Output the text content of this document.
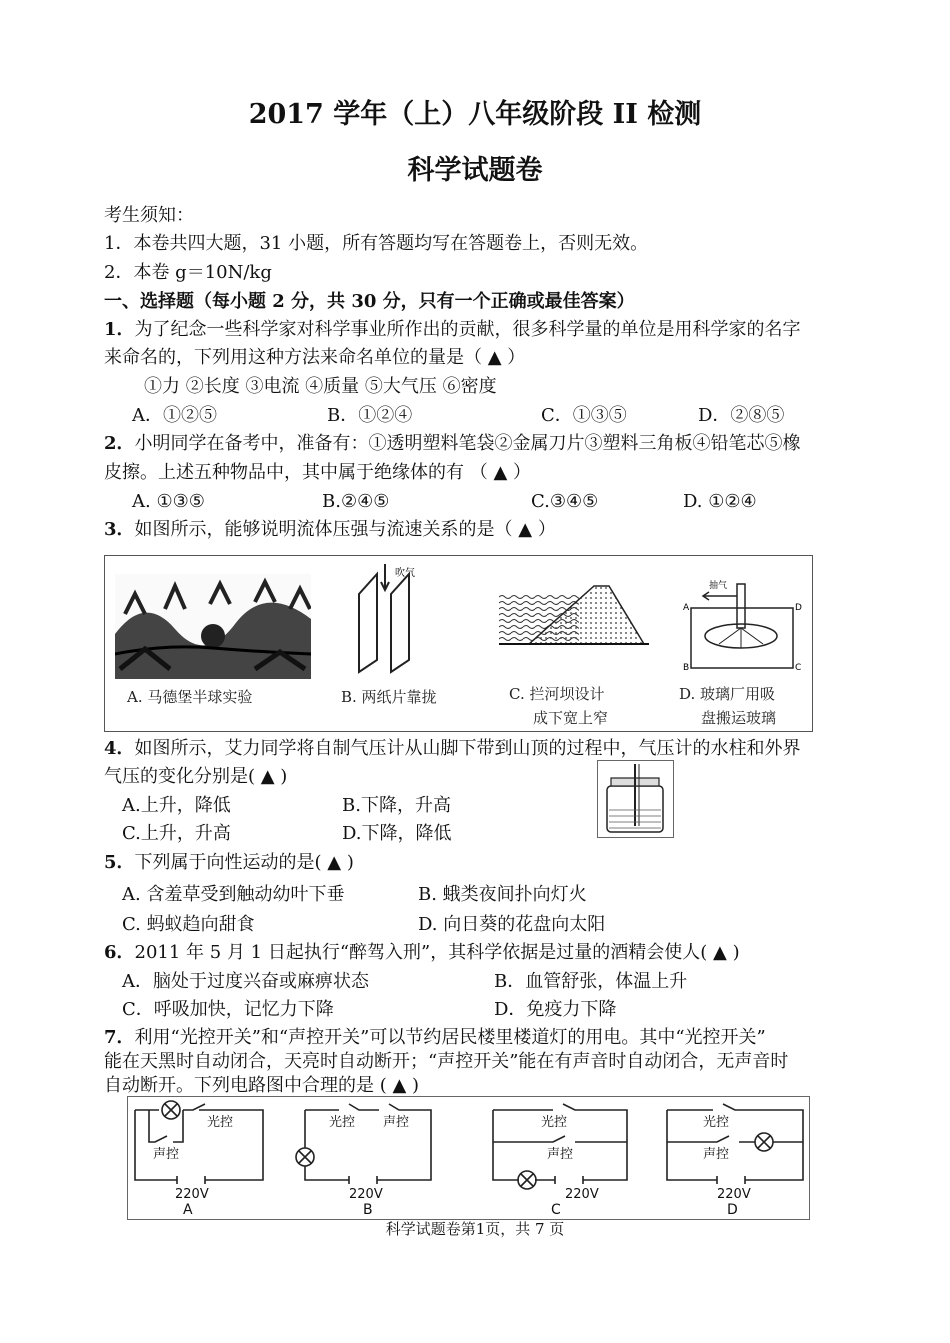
2017 学年（上）八年级阶段 II 检测
科学试题卷
考生须知：
1．本卷共四大题，31 小题，所有答题均写在答题卷上，否则无效。
2．本卷 g＝10N/kg
一、选择题（每小题 2 分，共 30 分，只有一个正确或最佳答案）
1．为了纪念一些科学家对科学事业所作出的贡献，很多科学量的单位是用科学家的名字
来命名的，下列用这种方法来命名单位的量是（ ▲ ）
①力 ②长度 ③电流 ④质量 ⑤大气压 ⑥密度
A．①②⑤	B．①②④	C．①③⑤	D．②⑧⑤
2．小明同学在备考中，准备有：①透明塑料笔袋②金属刀片③塑料三角板④铅笔芯⑤橡
皮擦。上述五种物品中，其中属于绝缘体的有 （ ▲ ）
A. ①③⑤	B.②④⑤	C.③④⑤	D. ①②④
3．如图所示，能够说明流体压强与流速关系的是（ ▲ ）
A. 马德堡半球实验
吹气
B. 两纸片靠拢	C. 拦河坝设计
成下宽上窄
抽气
A	D
B	C
D. 玻璃厂用吸
盘搬运玻璃
4．如图所示，艾力同学将自制气压计从山脚下带到山顶的过程中，气压计的水柱和外界
气压的变化分别是( ▲ )
A.上升，降低	B.下降，升高
C.上升，升高	D.下降，降低
5．下列属于向性运动的是( ▲ )
A. 含羞草受到触动幼叶下垂	B. 蛾类夜间扑向灯火
C. 蚂蚁趋向甜食	D. 向日葵的花盘向太阳
6．2011 年 5 月 1 日起执行“醉驾入刑”，其科学依据是过量的酒精会使人( ▲ )
A．脑处于过度兴奋或麻痹状态	B．血管舒张，体温上升
C．呼吸加快，记忆力下降	D．免疫力下降
7．利用“光控开关”和“声控开关”可以节约居民楼里楼道灯的用电。其中“光控开关”
能在天黑时自动闭合，天亮时自动断开；“声控开关”能在有声音时自动闭合，无声音时
自动断开。下列电路图中合理的是 ( ▲ )
光控
声控
220V
光控 声控
220V
光控
声控
220V
光控
声控
220V
A	B	C	D
科学试题卷第1页，共 7 页
